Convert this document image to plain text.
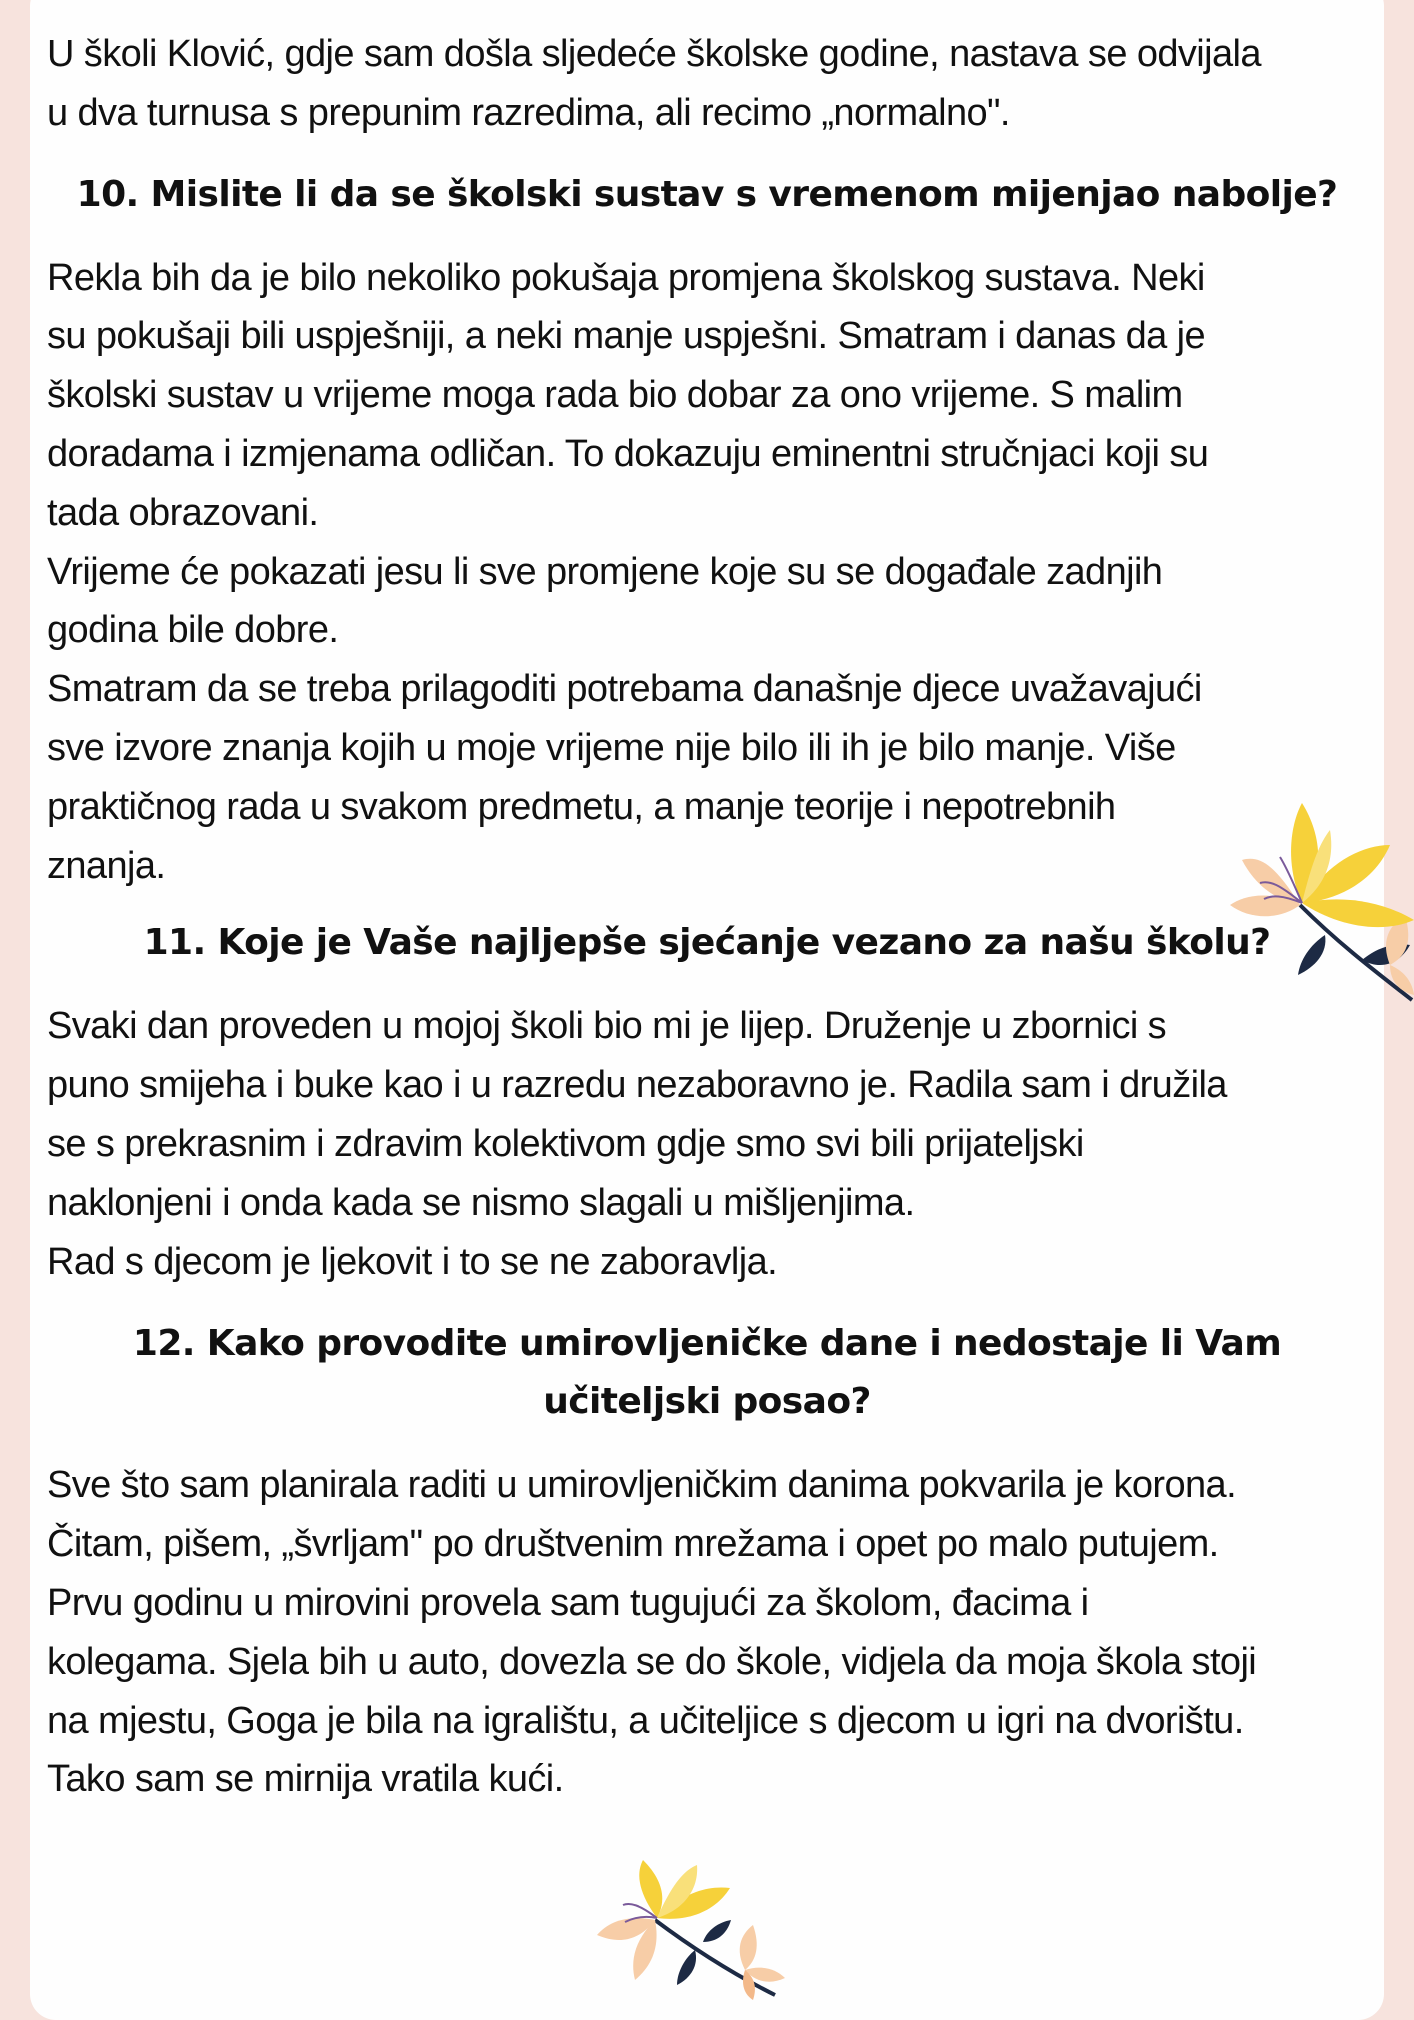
U školi Klović, gdje sam došla sljedeće školske godine, nastava se odvijala
u dva turnusa s prepunim razredima, ali recimo „normalno".
10. Mislite li da se školski sustav s vremenom mijenjao nabolje?
Rekla bih da je bilo nekoliko pokušaja promjena školskog sustava. Neki
su pokušaji bili uspješniji, a neki manje uspješni. Smatram i danas da je
školski sustav u vrijeme moga rada bio dobar za ono vrijeme. S malim
doradama i izmjenama odličan. To dokazuju eminentni stručnjaci koji su
tada obrazovani.
Vrijeme će pokazati jesu li sve promjene koje su se događale zadnjih
godina bile dobre.
Smatram da se treba prilagoditi potrebama današnje djece uvažavajući
sve izvore znanja kojih u moje vrijeme nije bilo ili ih je bilo manje. Više
praktičnog rada u svakom predmetu, a manje teorije i nepotrebnih
znanja.
11. Koje je Vaše najljepše sjećanje vezano za našu školu?
Svaki dan proveden u mojoj školi bio mi je lijep. Druženje u zbornici s
puno smijeha i buke kao i u razredu nezaboravno je. Radila sam i družila
se s prekrasnim i zdravim kolektivom gdje smo svi bili prijateljski
naklonjeni i onda kada se nismo slagali u mišljenjima.
Rad s djecom je ljekovit i to se ne zaboravlja.
12. Kako provodite umirovljeničke dane i nedostaje li Vam
učiteljski posao?
Sve što sam planirala raditi u umirovljeničkim danima pokvarila je korona.
Čitam, pišem, „švrljam" po društvenim mrežama i opet po malo putujem.
Prvu godinu u mirovini provela sam tugujući za školom, đacima i
kolegama. Sjela bih u auto, dovezla se do škole, vidjela da moja škola stoji
na mjestu, Goga je bila na igralištu, a učiteljice s djecom u igri na dvorištu.
Tako sam se mirnija vratila kući.
